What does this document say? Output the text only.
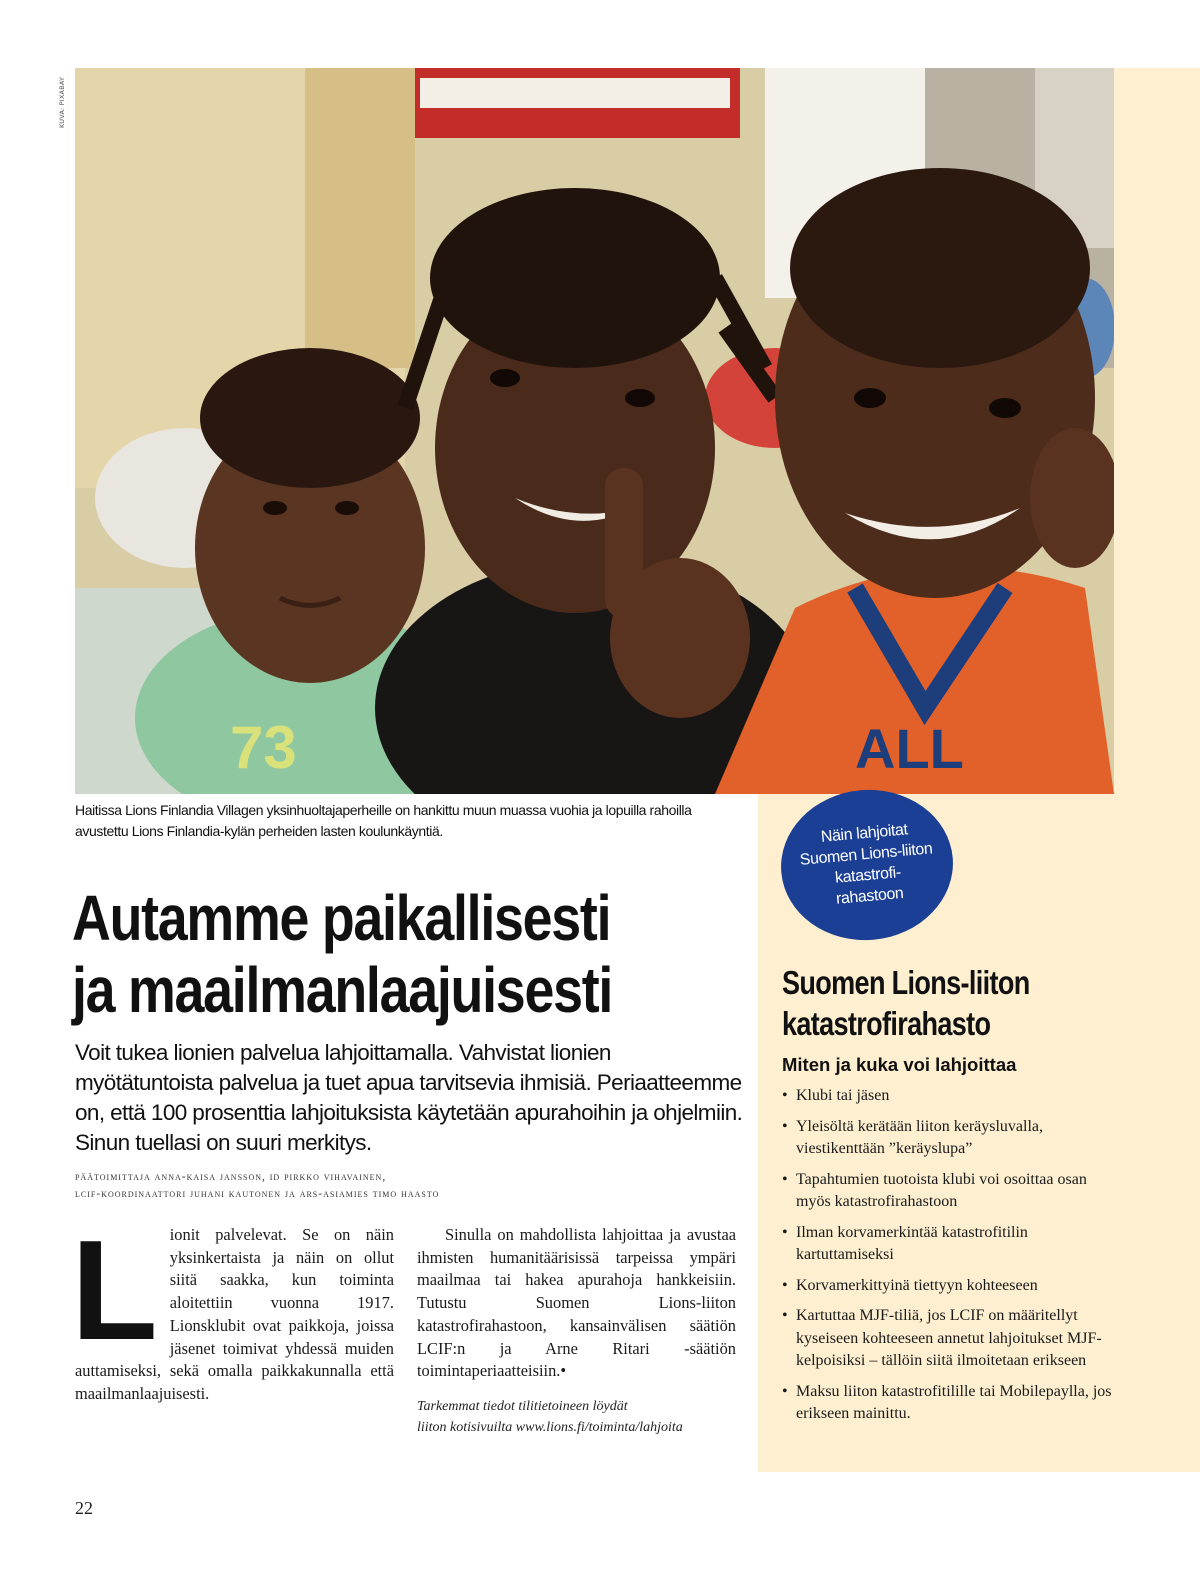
KUVA: PIXABAY
73	ALL
Haitissa Lions Finlandia Villagen yksinhuoltajaperheille on hankittu muun muassa vuohia ja lopuilla rahoilla avustettu Lions Finlandia-kylän perheiden lasten koulunkäyntiä.	Näin lahjoitat
Suomen Lions-liiton
katastrofi-
rahastoon
Autamme paikallisesti
ja maailmanlaajuisesti

Voit tukea lionien palvelua lahjoittamalla. Vahvistat lionien myötätuntoista palvelua ja tuet apua tarvitsevia ihmisiä. Periaatteemme on, että 100 prosenttia lahjoituksista käytetään apurahoihin ja ohjelmiin. Sinun tuellasi on suuri merkitys.

päätoimittaja anna-kaisa jansson, id pirkko vihavainen,
lcif-koordinaattori juhani kautonen ja ars-asiamies timo haasto
Lionit palvelevat. Se on näin yksinkertaista ja näin on ollut siitä saakka, kun toiminta aloitettiin vuonna 1917. Lionsklubit ovat paikkoja, joissa jäsenet toimivat yhdessä muiden auttamiseksi, sekä omalla paikkakunnalla että maailmanlaajuisesti.
Sinulla on mahdollista lahjoittaa ja avustaa ihmisten humanitäärisissä tarpeissa ympäri maailmaa tai hakea apurahoja hankkeisiin. Tutustu Suomen Lions-liiton katastrofirahastoon, kansainvälisen säätiön LCIF:n ja Arne Ritari -säätiön toimintaperiaatteisiin.•
Tarkemmat tiedot tilitietoineen löydät
liiton kotisivuilta www.lions.fi/toiminta/lahjoita
22
Suomen Lions-liiton
katastrofirahasto
Miten ja kuka voi lahjoittaa
• Klubi tai jäsen
• Yleisöltä kerätään liiton keräysluvalla, viestikenttään ”keräyslupa”
• Tapahtumien tuotoista klubi voi osoittaa osan myös katastrofirahastoon
• Ilman korvamerkintää katastrofitilin kartuttamiseksi
• Korvamerkittyinä tiettyyn kohteeseen
• Kartuttaa MJF-tiliä, jos LCIF on määritellyt kyseiseen kohteeseen annetut lahjoitukset MJF-kelpoisiksi – tällöin siitä ilmoitetaan erikseen
• Maksu liiton katastrofitilille tai Mobilepaylla, jos erikseen mainittu.
